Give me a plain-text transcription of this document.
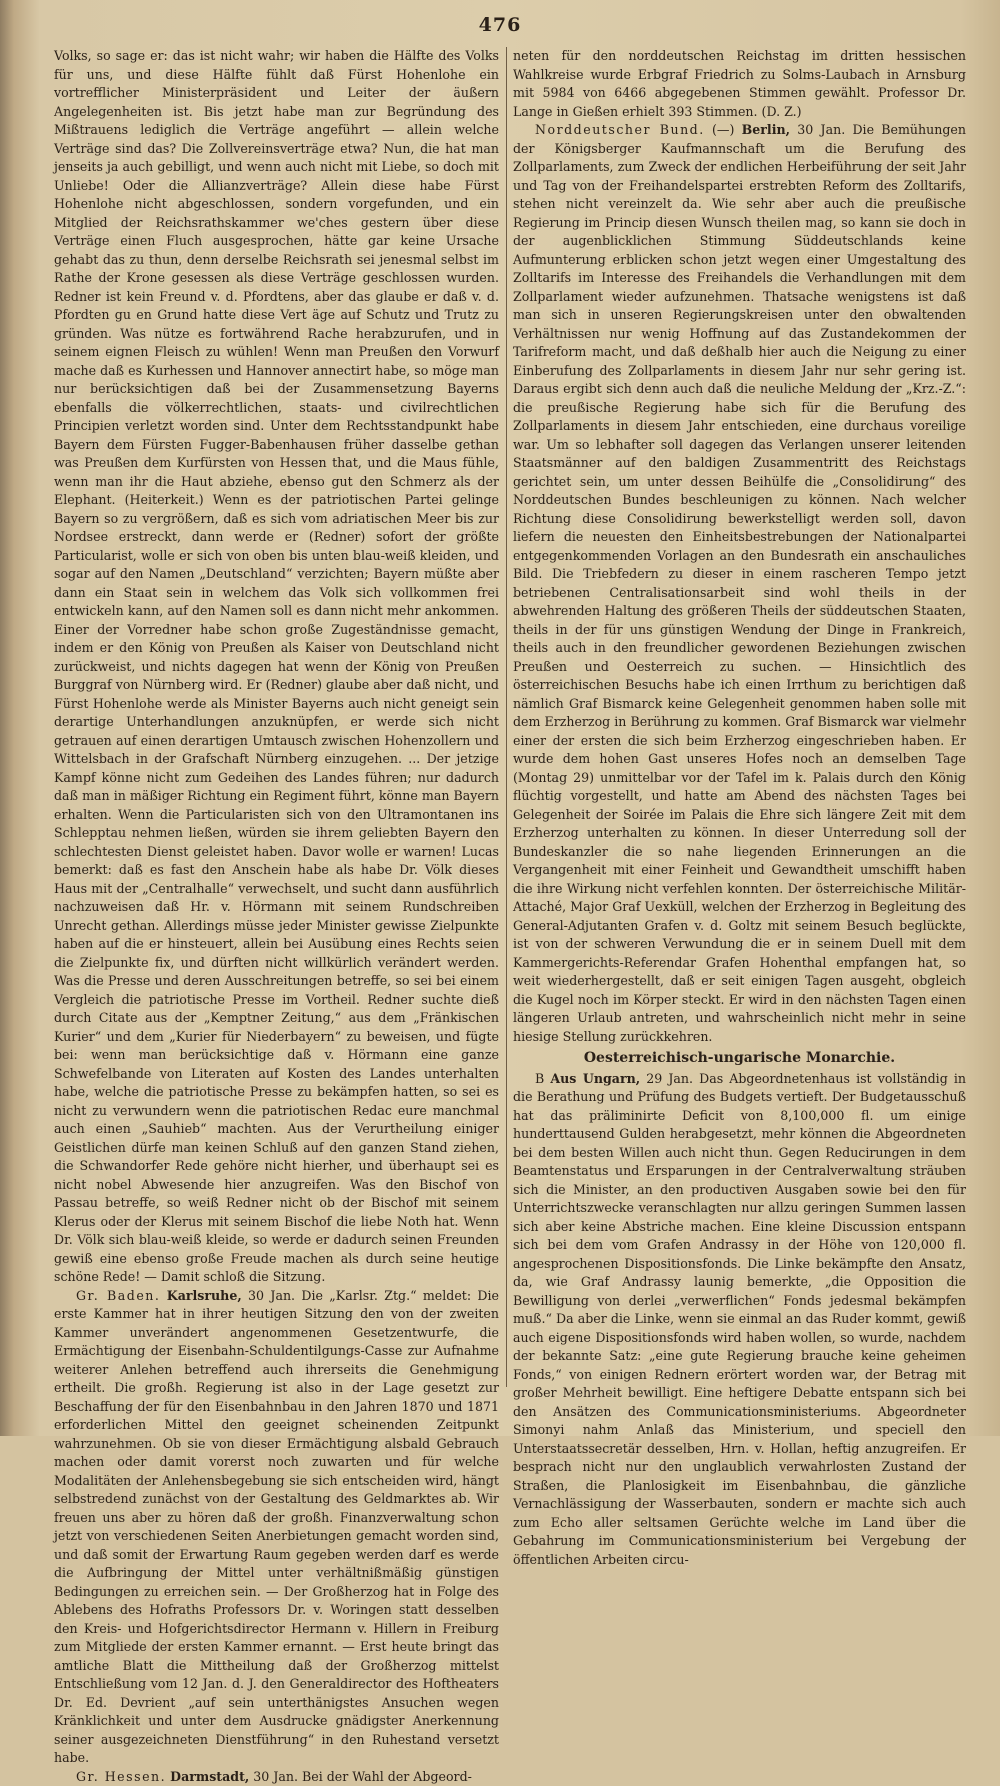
476

Volks, so sage er: das ist nicht wahr; wir haben die Hälfte des Volks für uns, und diese Hälfte fühlt daß Fürst Hohenlohe ein vortrefflicher Ministerpräsident und Leiter der äußern Angelegenheiten ist. Bis jetzt habe man zur Begründung des Mißtrauens lediglich die Verträge angeführt — allein welche Verträge sind das? Die Zollvereinsverträge etwa? Nun, die hat man jenseits ja auch gebilligt, und wenn auch nicht mit Liebe, so doch mit Unliebe! Oder die Allianzverträge? Allein diese habe Fürst Hohenlohe nicht abgeschlossen, sondern vorgefunden, und ein Mitglied der Reichsrathskammer we'ches gestern über diese Verträge einen Fluch ausgesprochen, hätte gar keine Ursache gehabt das zu thun, denn derselbe Reichsrath sei jenesmal selbst im Rathe der Krone gesessen als diese Verträge geschlossen wurden. Redner ist kein Freund v. d. Pfordtens, aber das glaube er daß v. d. Pfordten gu en Grund hatte diese Vert äge auf Schutz und Trutz zu gründen. Was nütze es fortwährend Rache herabzurufen, und in seinem eignen Fleisch zu wühlen! Wenn man Preußen den Vorwurf mache daß es Kurhessen und Hannover annectirt habe, so möge man nur berücksichtigen daß bei der Zusammensetzung Bayerns ebenfalls die völkerrechtlichen, staats- und civilrechtlichen Principien verletzt worden sind. Unter dem Rechtsstandpunkt habe Bayern dem Fürsten Fugger-Babenhausen früher dasselbe gethan was Preußen dem Kurfürsten von Hessen that, und die Maus fühle, wenn man ihr die Haut abziehe, ebenso gut den Schmerz als der Elephant. (Heiterkeit.) Wenn es der patriotischen Partei gelinge Bayern so zu vergrößern, daß es sich vom adriatischen Meer bis zur Nordsee erstreckt, dann werde er (Redner) sofort der größte Particularist, wolle er sich von oben bis unten blau-weiß kleiden, und sogar auf den Namen „Deutschland“ verzichten; Bayern müßte aber dann ein Staat sein in welchem das Volk sich vollkommen frei entwickeln kann, auf den Namen soll es dann nicht mehr ankommen. Einer der Vorredner habe schon große Zugeständnisse gemacht, indem er den König von Preußen als Kaiser von Deutschland nicht zurückweist, und nichts dagegen hat wenn der König von Preußen Burggraf von Nürnberg wird. Er (Redner) glaube aber daß nicht, und Fürst Hohenlohe werde als Minister Bayerns auch nicht geneigt sein derartige Unterhandlungen anzuknüpfen, er werde sich nicht getrauen auf einen derartigen Umtausch zwischen Hohenzollern und Wittelsbach in der Grafschaft Nürnberg einzugehen. ... Der jetzige Kampf könne nicht zum Gedeihen des Landes führen; nur dadurch daß man in mäßiger Richtung ein Regiment führt, könne man Bayern erhalten. Wenn die Particularisten sich von den Ultramontanen ins Schlepptau nehmen ließen, würden sie ihrem geliebten Bayern den schlechtesten Dienst geleistet haben. Davor wolle er warnen! Lucas bemerkt: daß es fast den Anschein habe als habe Dr. Völk dieses Haus mit der „Centralhalle“ verwechselt, und sucht dann ausführlich nachzuweisen daß Hr. v. Hörmann mit seinem Rundschreiben Unrecht gethan. Allerdings müsse jeder Minister gewisse Zielpunkte haben auf die er hinsteuert, allein bei Ausübung eines Rechts seien die Zielpunkte fix, und dürften nicht willkürlich verändert werden. Was die Presse und deren Ausschreitungen betreffe, so sei bei einem Vergleich die patriotische Presse im Vortheil. Redner suchte dieß durch Citate aus der „Kemptner Zeitung,“ aus dem „Fränkischen Kurier“ und dem „Kurier für Niederbayern“ zu beweisen, und fügte bei: wenn man berücksichtige daß v. Hörmann eine ganze Schwefelbande von Literaten auf Kosten des Landes unterhalten habe, welche die patriotische Presse zu bekämpfen hatten, so sei es nicht zu verwundern wenn die patriotischen Redac eure manchmal auch einen „Sauhieb“ machten. Aus der Verurtheilung einiger Geistlichen dürfe man keinen Schluß auf den ganzen Stand ziehen, die Schwandorfer Rede gehöre nicht hierher, und überhaupt sei es nicht nobel Abwesende hier anzugreifen. Was den Bischof von Passau betreffe, so weiß Redner nicht ob der Bischof mit seinem Klerus oder der Klerus mit seinem Bischof die liebe Noth hat. Wenn Dr. Völk sich blau-weiß kleide, so werde er dadurch seinen Freunden gewiß eine ebenso große Freude machen als durch seine heutige schöne Rede! — Damit schloß die Sitzung.

Gr. Baden. Karlsruhe, 30 Jan. Die „Karlsr. Ztg.“ meldet: Die erste Kammer hat in ihrer heutigen Sitzung den von der zweiten Kammer unverändert angenommenen Gesetzentwurfe, die Ermächtigung der Eisenbahn-Schuldentilgungs-Casse zur Aufnahme weiterer Anlehen betreffend auch ihrerseits die Genehmigung ertheilt. Die großh. Regierung ist also in der Lage gesetzt zur Beschaffung der für den Eisenbahnbau in den Jahren 1870 und 1871 erforderlichen Mittel den geeignet scheinenden Zeitpunkt wahrzunehmen. Ob sie von dieser Ermächtigung alsbald Gebrauch machen oder damit vorerst noch zuwarten und für welche Modalitäten der Anlehensbegebung sie sich entscheiden wird, hängt selbstredend zunächst von der Gestaltung des Geldmarktes ab. Wir freuen uns aber zu hören daß der großh. Finanzverwaltung schon jetzt von verschiedenen Seiten Anerbietungen gemacht worden sind, und daß somit der Erwartung Raum gegeben werden darf es werde die Aufbringung der Mittel unter verhältnißmäßig günstigen Bedingungen zu erreichen sein. — Der Großherzog hat in Folge des Ablebens des Hofraths Professors Dr. v. Woringen statt desselben den Kreis- und Hofgerichtsdirector Hermann v. Hillern in Freiburg zum Mitgliede der ersten Kammer ernannt. — Erst heute bringt das amtliche Blatt die Mittheilung daß der Großherzog mittelst Entschließung vom 12 Jan. d. J. den Generaldirector des Hoftheaters Dr. Ed. Devrient „auf sein unterthänigstes Ansuchen wegen Kränklichkeit und unter dem Ausdrucke gnädigster Anerkennung seiner ausgezeichneten Dienstführung“ in den Ruhestand versetzt habe.

Gr. Hessen. Darmstadt, 30 Jan. Bei der Wahl der Abgeord-

neten für den norddeutschen Reichstag im dritten hessischen Wahlkreise wurde Erbgraf Friedrich zu Solms-Laubach in Arnsburg mit 5984 von 6466 abgegebenen Stimmen gewählt. Professor Dr. Lange in Gießen erhielt 393 Stimmen. (D. Z.)

Norddeutscher Bund. (—) Berlin, 30 Jan. Die Bemühungen der Königsberger Kaufmannschaft um die Berufung des Zollparlaments, zum Zweck der endlichen Herbeiführung der seit Jahr und Tag von der Freihandelspartei erstrebten Reform des Zolltarifs, stehen nicht vereinzelt da. Wie sehr aber auch die preußische Regierung im Princip diesen Wunsch theilen mag, so kann sie doch in der augenblicklichen Stimmung Süddeutschlands keine Aufmunterung erblicken schon jetzt wegen einer Umgestaltung des Zolltarifs im Interesse des Freihandels die Verhandlungen mit dem Zollparlament wieder aufzunehmen. Thatsache wenigstens ist daß man sich in unseren Regierungskreisen unter den obwaltenden Verhältnissen nur wenig Hoffnung auf das Zustandekommen der Tarifreform macht, und daß deßhalb hier auch die Neigung zu einer Einberufung des Zollparlaments in diesem Jahr nur sehr gering ist. Daraus ergibt sich denn auch daß die neuliche Meldung der „Krz.-Z.“: die preußische Regierung habe sich für die Berufung des Zollparlaments in diesem Jahr entschieden, eine durchaus voreilige war. Um so lebhafter soll dagegen das Verlangen unserer leitenden Staatsmänner auf den baldigen Zusammentritt des Reichstags gerichtet sein, um unter dessen Beihülfe die „Consolidirung“ des Norddeutschen Bundes beschleunigen zu können. Nach welcher Richtung diese Consolidirung bewerkstelligt werden soll, davon liefern die neuesten den Einheitsbestrebungen der Nationalpartei entgegenkommenden Vorlagen an den Bundesrath ein anschauliches Bild. Die Triebfedern zu dieser in einem rascheren Tempo jetzt betriebenen Centralisationsarbeit sind wohl theils in der abwehrenden Haltung des größeren Theils der süddeutschen Staaten, theils in der für uns günstigen Wendung der Dinge in Frankreich, theils auch in den freundlicher gewordenen Beziehungen zwischen Preußen und Oesterreich zu suchen. — Hinsichtlich des österreichischen Besuchs habe ich einen Irrthum zu berichtigen daß nämlich Graf Bismarck keine Gelegenheit genommen haben solle mit dem Erzherzog in Berührung zu kommen. Graf Bismarck war vielmehr einer der ersten die sich beim Erzherzog eingeschrieben haben. Er wurde dem hohen Gast unseres Hofes noch an demselben Tage (Montag 29) unmittelbar vor der Tafel im k. Palais durch den König flüchtig vorgestellt, und hatte am Abend des nächsten Tages bei Gelegenheit der Soirée im Palais die Ehre sich längere Zeit mit dem Erzherzog unterhalten zu können. In dieser Unterredung soll der Bundeskanzler die so nahe liegenden Erinnerungen an die Vergangenheit mit einer Feinheit und Gewandtheit umschifft haben die ihre Wirkung nicht verfehlen konnten. Der österreichische Militär-Attaché, Major Graf Uexküll, welchen der Erzherzog in Begleitung des General-Adjutanten Grafen v. d. Goltz mit seinem Besuch beglückte, ist von der schweren Verwundung die er in seinem Duell mit dem Kammergerichts-Referendar Grafen Hohenthal empfangen hat, so weit wiederhergestellt, daß er seit einigen Tagen ausgeht, obgleich die Kugel noch im Körper steckt. Er wird in den nächsten Tagen einen längeren Urlaub antreten, und wahrscheinlich nicht mehr in seine hiesige Stellung zurückkehren.

Oesterreichisch-ungarische Monarchie.

B Aus Ungarn, 29 Jan. Das Abgeordnetenhaus ist vollständig in die Berathung und Prüfung des Budgets vertieft. Der Budgetausschuß hat das präliminirte Deficit von 8,100,000 fl. um einige hunderttausend Gulden herabgesetzt, mehr können die Abgeordneten bei dem besten Willen auch nicht thun. Gegen Reducirungen in dem Beamtenstatus und Ersparungen in der Centralverwaltung sträuben sich die Minister, an den productiven Ausgaben sowie bei den für Unterrichtszwecke veranschlagten nur allzu geringen Summen lassen sich aber keine Abstriche machen. Eine kleine Discussion entspann sich bei dem vom Grafen Andrassy in der Höhe von 120,000 fl. angesprochenen Dispositionsfonds. Die Linke bekämpfte den Ansatz, da, wie Graf Andrassy launig bemerkte, „die Opposition die Bewilligung von derlei „verwerflichen“ Fonds jedesmal bekämpfen muß.“ Da aber die Linke, wenn sie einmal an das Ruder kommt, gewiß auch eigene Dispositionsfonds wird haben wollen, so wurde, nachdem der bekannte Satz: „eine gute Regierung brauche keine geheimen Fonds,“ von einigen Rednern erörtert worden war, der Betrag mit großer Mehrheit bewilligt. Eine heftigere Debatte entspann sich bei den Ansätzen des Communicationsministeriums. Abgeordneter Simonyi nahm Anlaß das Ministerium, und speciell den Unterstaatssecretär desselben, Hrn. v. Hollan, heftig anzugreifen. Er besprach nicht nur den unglaublich verwahrlosten Zustand der Straßen, die Planlosigkeit im Eisenbahnbau, die gänzliche Vernachlässigung der Wasserbauten, sondern er machte sich auch zum Echo aller seltsamen Gerüchte welche im Land über die Gebahrung im Communicationsministerium bei Vergebung der öffentlichen Arbeiten circu-
